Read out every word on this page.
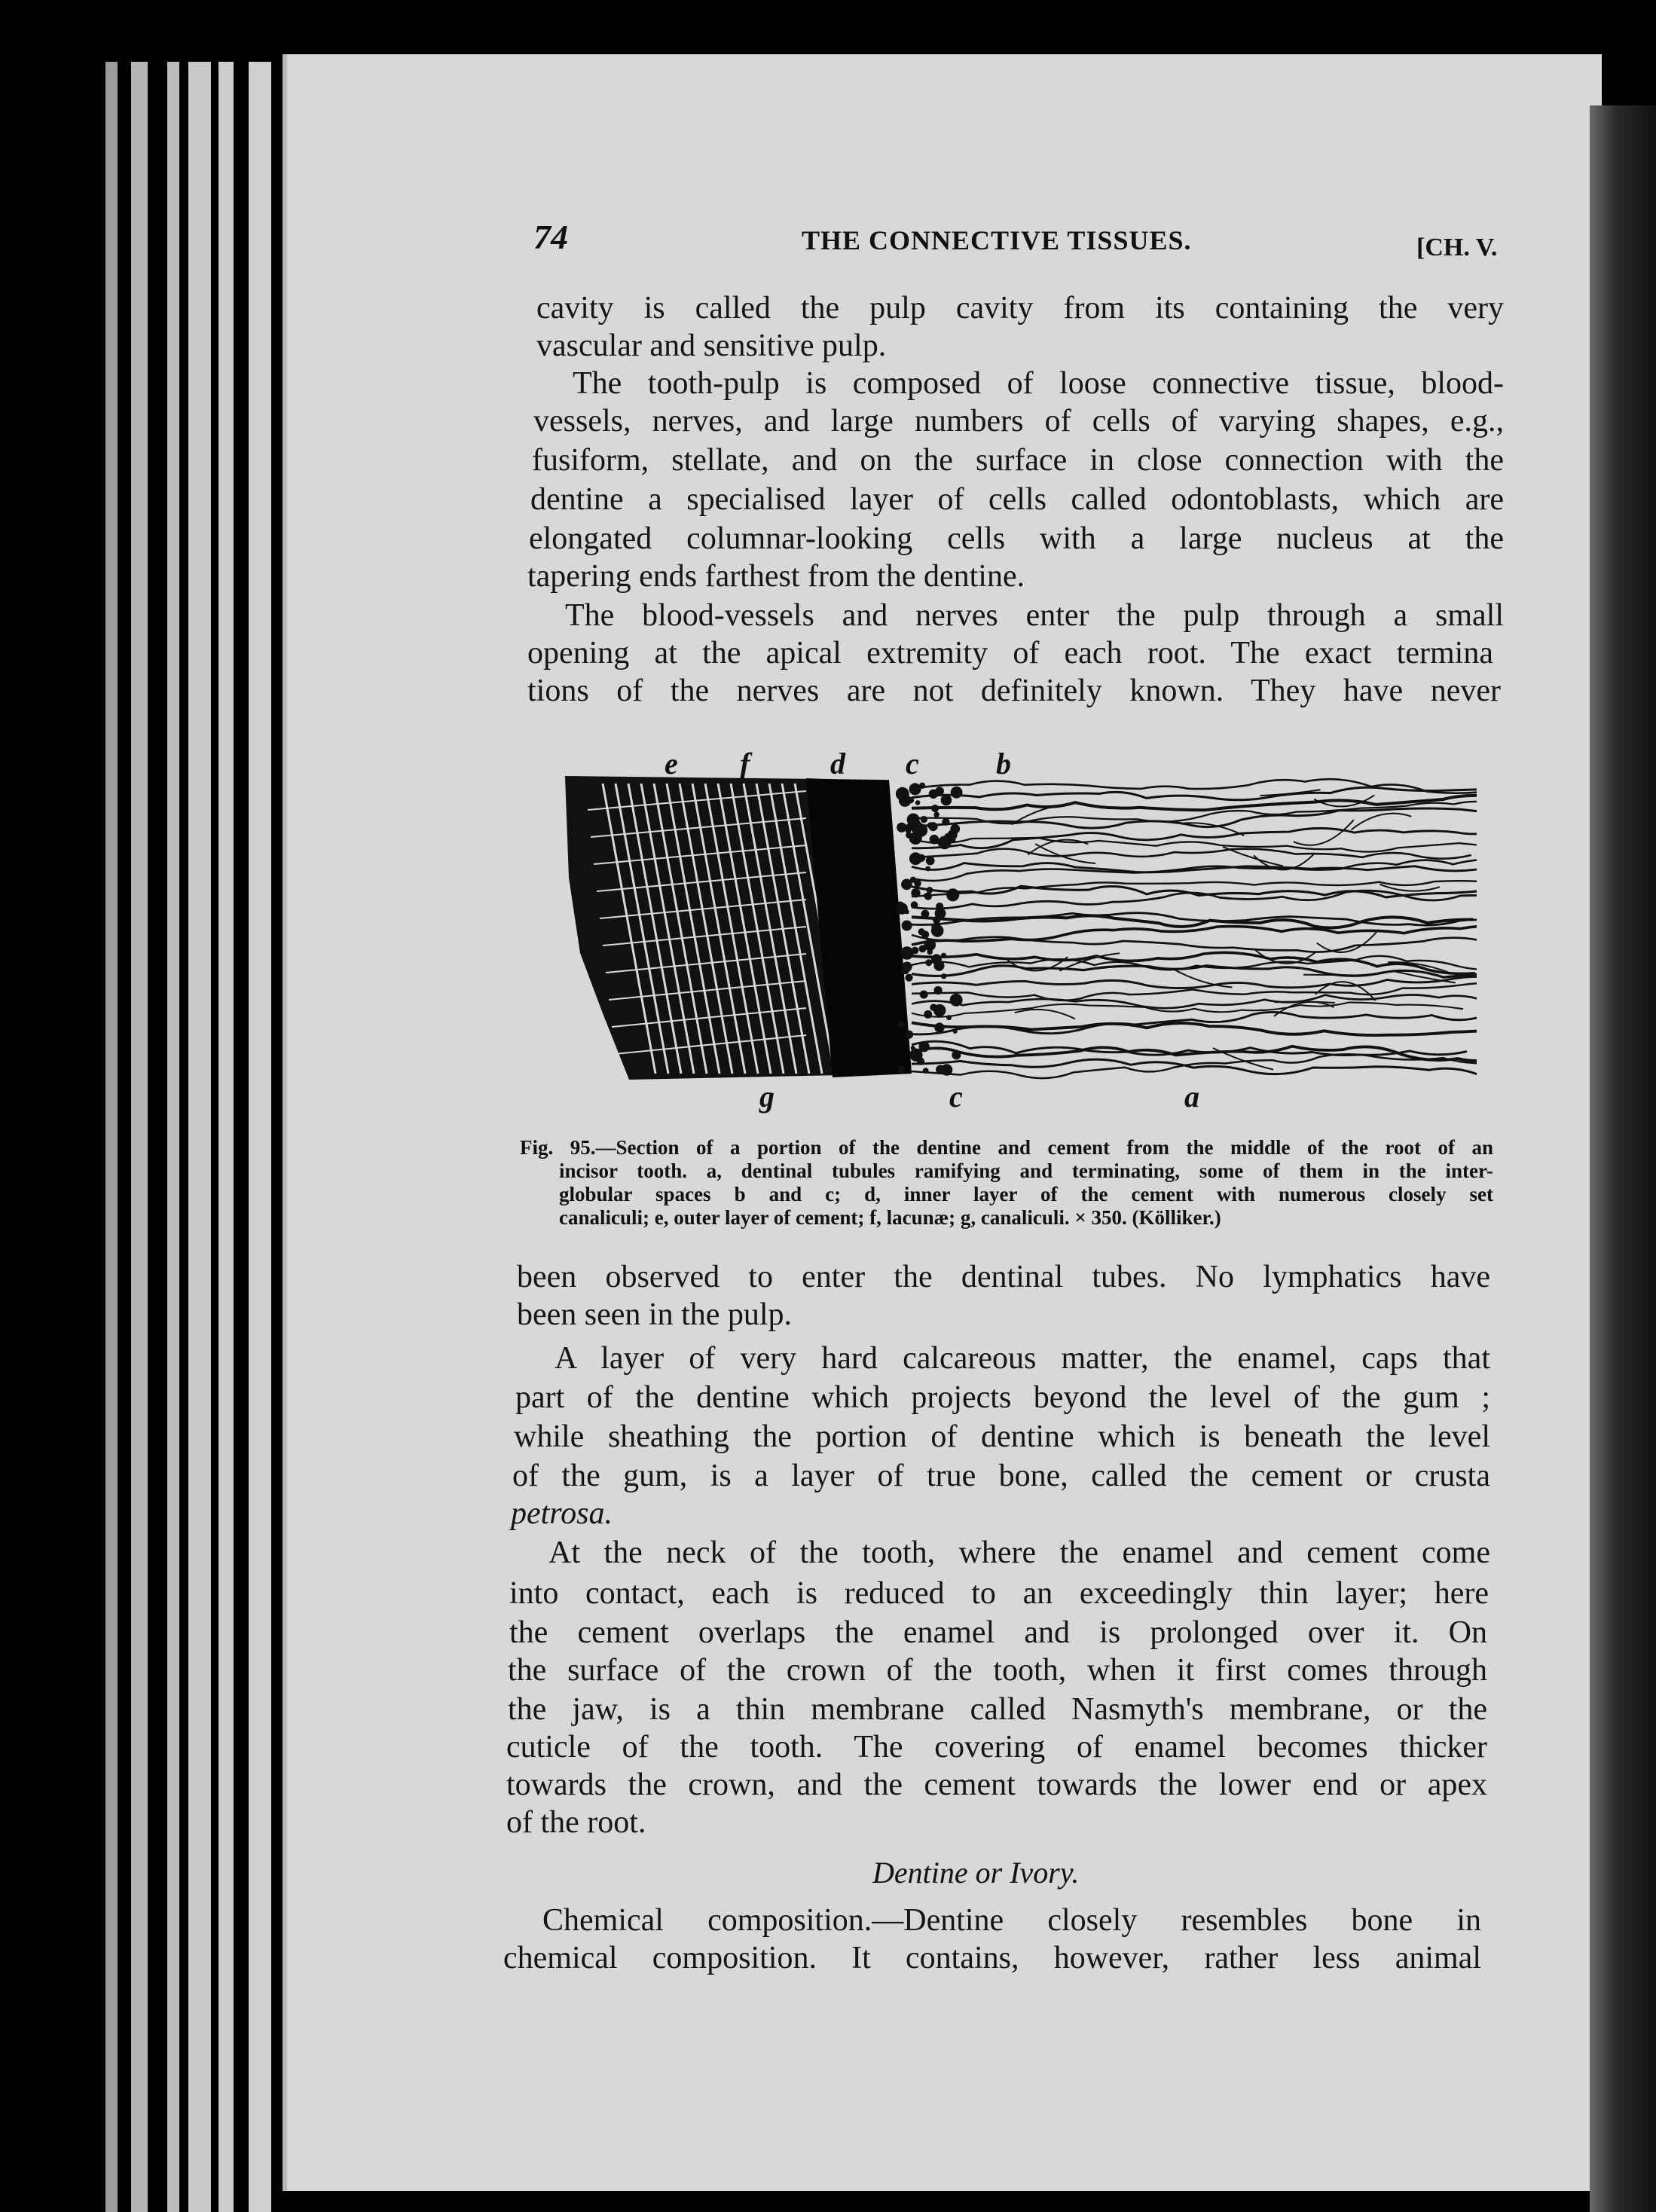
74	THE CONNECTIVE TISSUES.	[CH. V.
cavity is called the pulp cavity from its containing the very
vascular and sensitive pulp.
The tooth-pulp is composed of loose connective tissue, blood-
vessels, nerves, and large numbers of cells of varying shapes, e.g.,
fusiform, stellate, and on the surface in close connection with the
dentine a specialised layer of cells called odontoblasts, which are
elongated columnar-looking cells with a large nucleus at the
tapering ends farthest from the dentine.
The blood-vessels and nerves enter the pulp through a small
opening at the apical extremity of each root. The exact termina
tions of the nerves are not definitely known. They have never
e f	d c	b
g	c	a
Fig. 95.—Section of a portion of the dentine and cement from the middle of the root of an
incisor tooth. a, dentinal tubules ramifying and terminating, some of them in the inter-
globular spaces b and c; d, inner layer of the cement with numerous closely set
canaliculi; e, outer layer of cement; f, lacunæ; g, canaliculi. × 350. (Kölliker.)
been observed to enter the dentinal tubes. No lymphatics have
been seen in the pulp.
A layer of very hard calcareous matter, the enamel, caps that
part of the dentine which projects beyond the level of the gum ;
while sheathing the portion of dentine which is beneath the level
of the gum, is a layer of true bone, called the cement or crusta
petrosa.
At the neck of the tooth, where the enamel and cement come
into contact, each is reduced to an exceedingly thin layer; here
the cement overlaps the enamel and is prolonged over it. On
the surface of the crown of the tooth, when it first comes through
the jaw, is a thin membrane called Nasmyth's membrane, or the
cuticle of the tooth. The covering of enamel becomes thicker
towards the crown, and the cement towards the lower end or apex
of the root.
Dentine or Ivory.
Chemical composition.—Dentine closely resembles bone in
chemical composition. It contains, however, rather less animal
